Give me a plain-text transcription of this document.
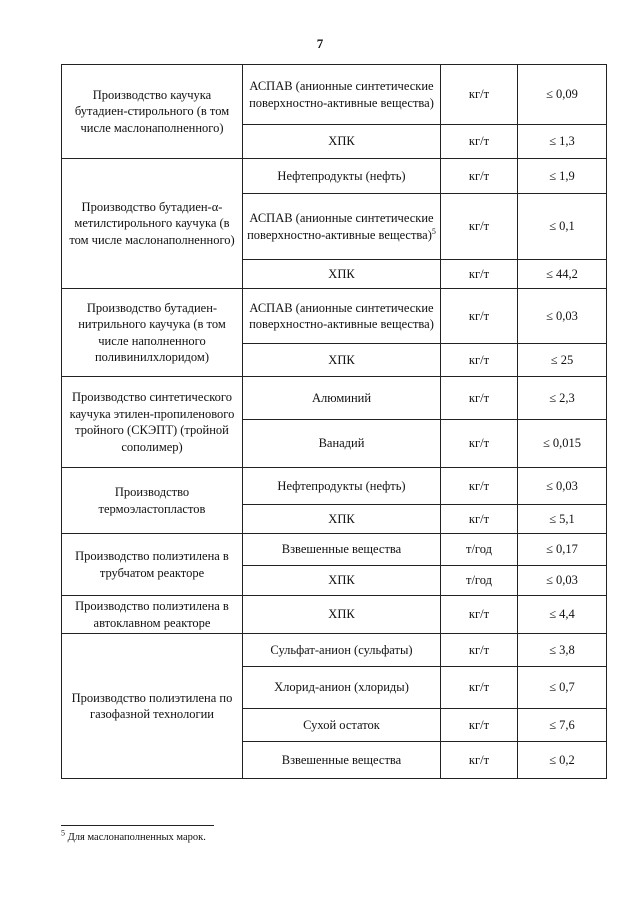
7
Производство каучука бутадиен-стирольного (в том числе маслонаполненного)	АСПАВ (анионные синтетические поверхностно-активные вещества)	кг/т	≤ 0,09
	ХПК	кг/т	≤ 1,3
Производство бутадиен-α-метилстирольного каучука (в том числе маслонаполненного)	Нефтепродукты (нефть)	кг/т	≤ 1,9
	АСПАВ (анионные синтетические поверхностно-активные вещества)$^5$	кг/т	≤ 0,1
	ХПК	кг/т	≤ 44,2
Производство бутадиен-нитрильного каучука (в том числе наполненного поливинилхлоридом)	АСПАВ (анионные синтетические поверхностно-активные вещества)	кг/т	≤ 0,03
	ХПК	кг/т	≤ 25
Производство синтетического каучука этилен-пропиленового тройного (СКЭПТ) (тройной сополимер)	Алюминий	кг/т	≤ 2,3
	Ванадий	кг/т	≤ 0,015
Производство термоэластопластов	Нефтепродукты (нефть)	кг/т	≤ 0,03
	ХПК	кг/т	≤ 5,1
Производство полиэтилена в трубчатом реакторе	Взвешенные вещества	т/год	≤ 0,17
	ХПК	т/год	≤ 0,03
Производство полиэтилена в автоклавном реакторе	ХПК	кг/т	≤ 4,4
Производство полиэтилена по газофазной технологии	Сульфат-анион (сульфаты)	кг/т	≤ 3,8
	Хлорид-анион (хлориды)	кг/т	≤ 0,7
	Сухой остаток	кг/т	≤ 7,6
	Взвешенные вещества	кг/т	≤ 0,2
$^5$ Для маслонаполненных марок.
